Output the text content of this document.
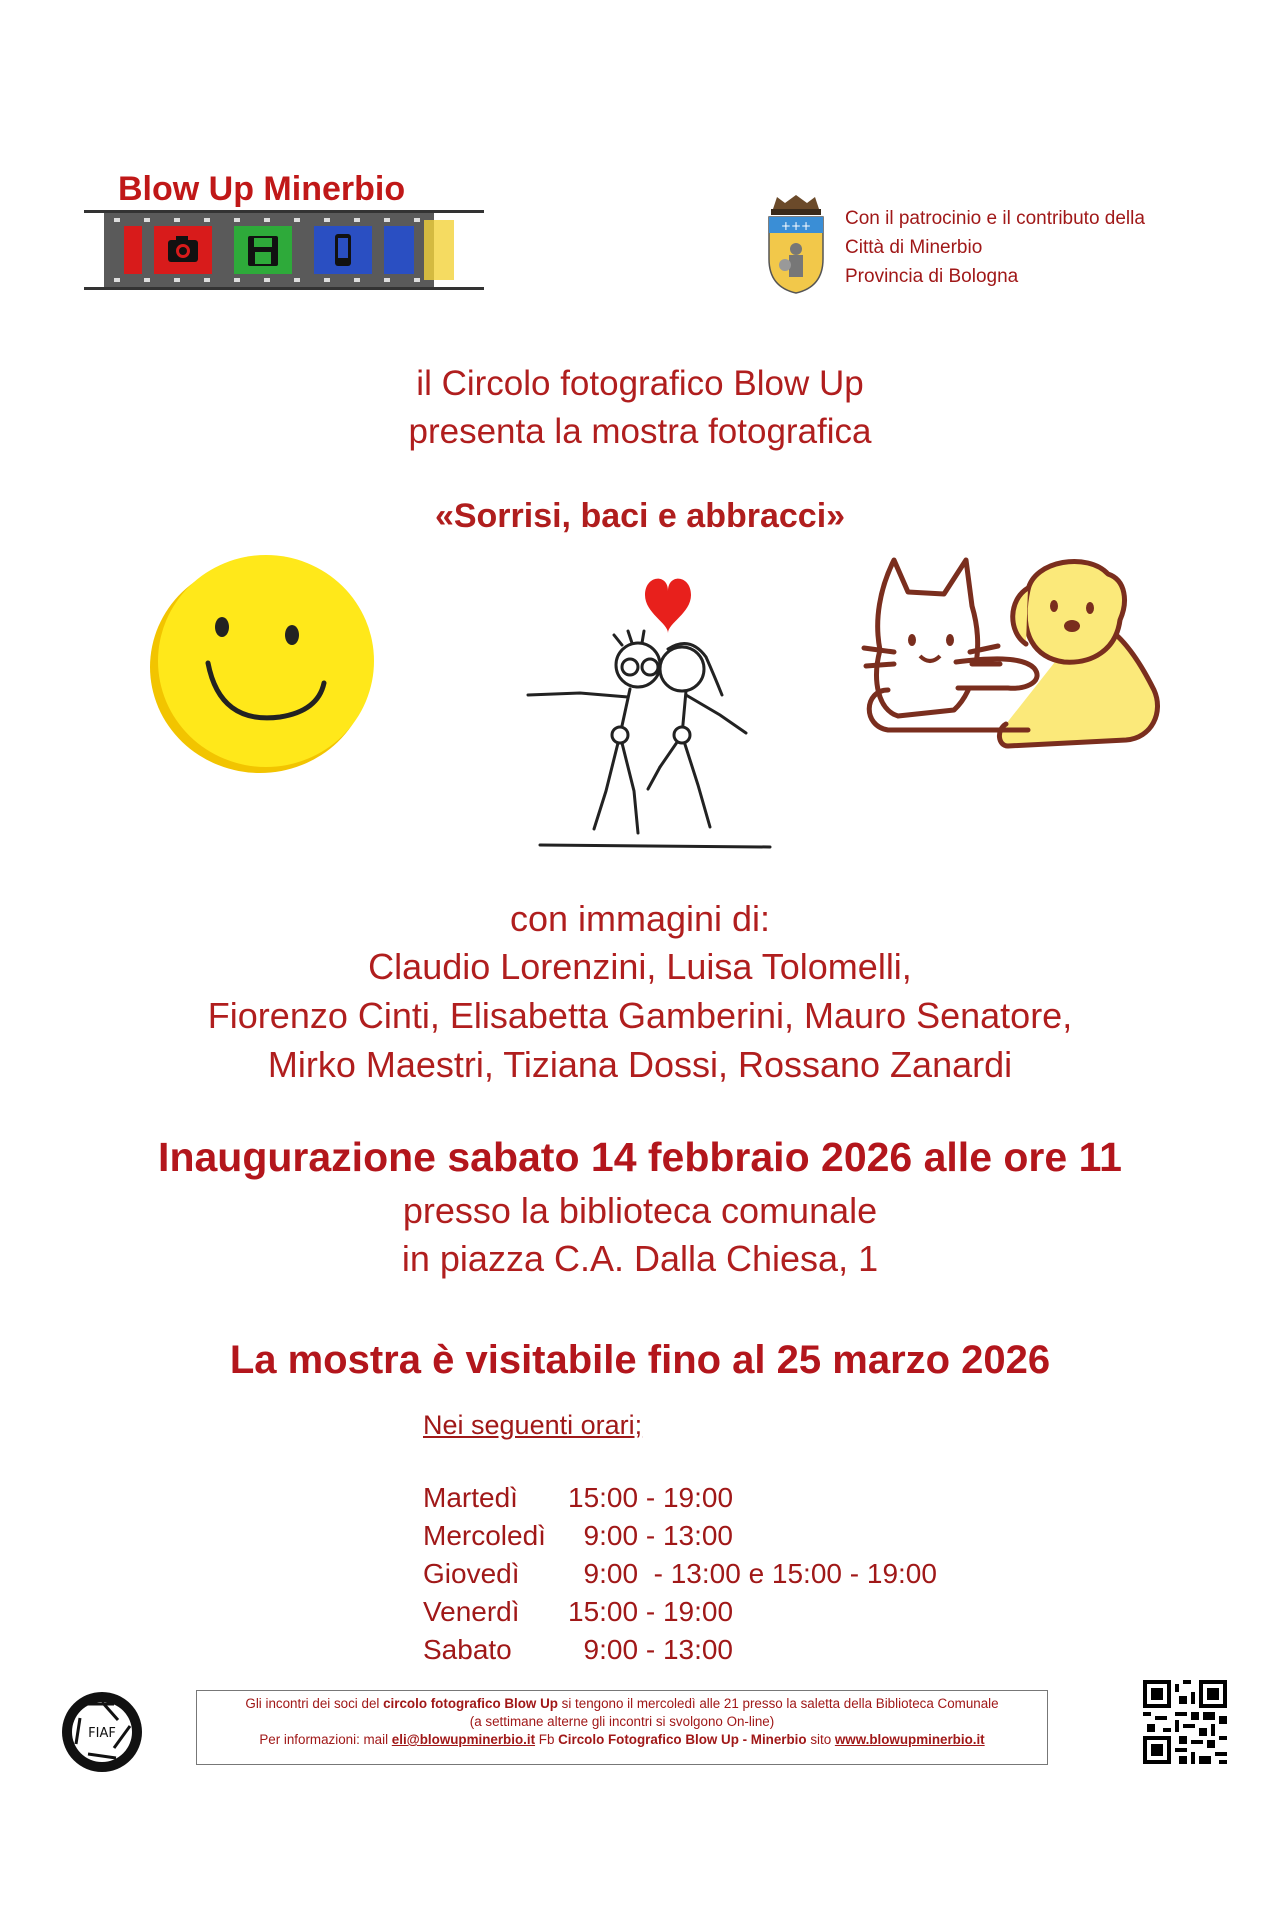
Blow Up Minerbio
+++ Con il patrocinio e il contributo della
Città di Minerbio
Provincia di Bologna
il Circolo fotografico Blow Up
presenta la mostra fotografica
«Sorrisi, baci e abbracci»
con immagini di:
Claudio Lorenzini, Luisa Tolomelli,
Fiorenzo Cinti, Elisabetta Gamberini, Mauro Senatore,
Mirko Maestri, Tiziana Dossi, Rossano Zanardi
Inaugurazione sabato 14 febbraio 2026 alle ore 11
presso la biblioteca comunale
in piazza C.A. Dalla Chiesa, 1
La mostra è visitabile fino al 25 marzo 2026
Nei seguenti orari;
Martedì 15:00 - 19:00
Mercoledì  9:00 - 13:00
Giovedì  9:00  - 13:00 e 15:00 - 19:00
Venerdì 15:00 - 19:00
Sabato  9:00 - 13:00
FIAF
Gli incontri dei soci del circolo fotografico Blow Up si tengono il mercoledì alle 21 presso la saletta della Biblioteca Comunale
(a settimane alterne gli incontri si svolgono On-line)
Per informazioni: mail eli@blowupminerbio.it Fb Circolo Fotografico Blow Up - Minerbio sito www.blowupminerbio.it
